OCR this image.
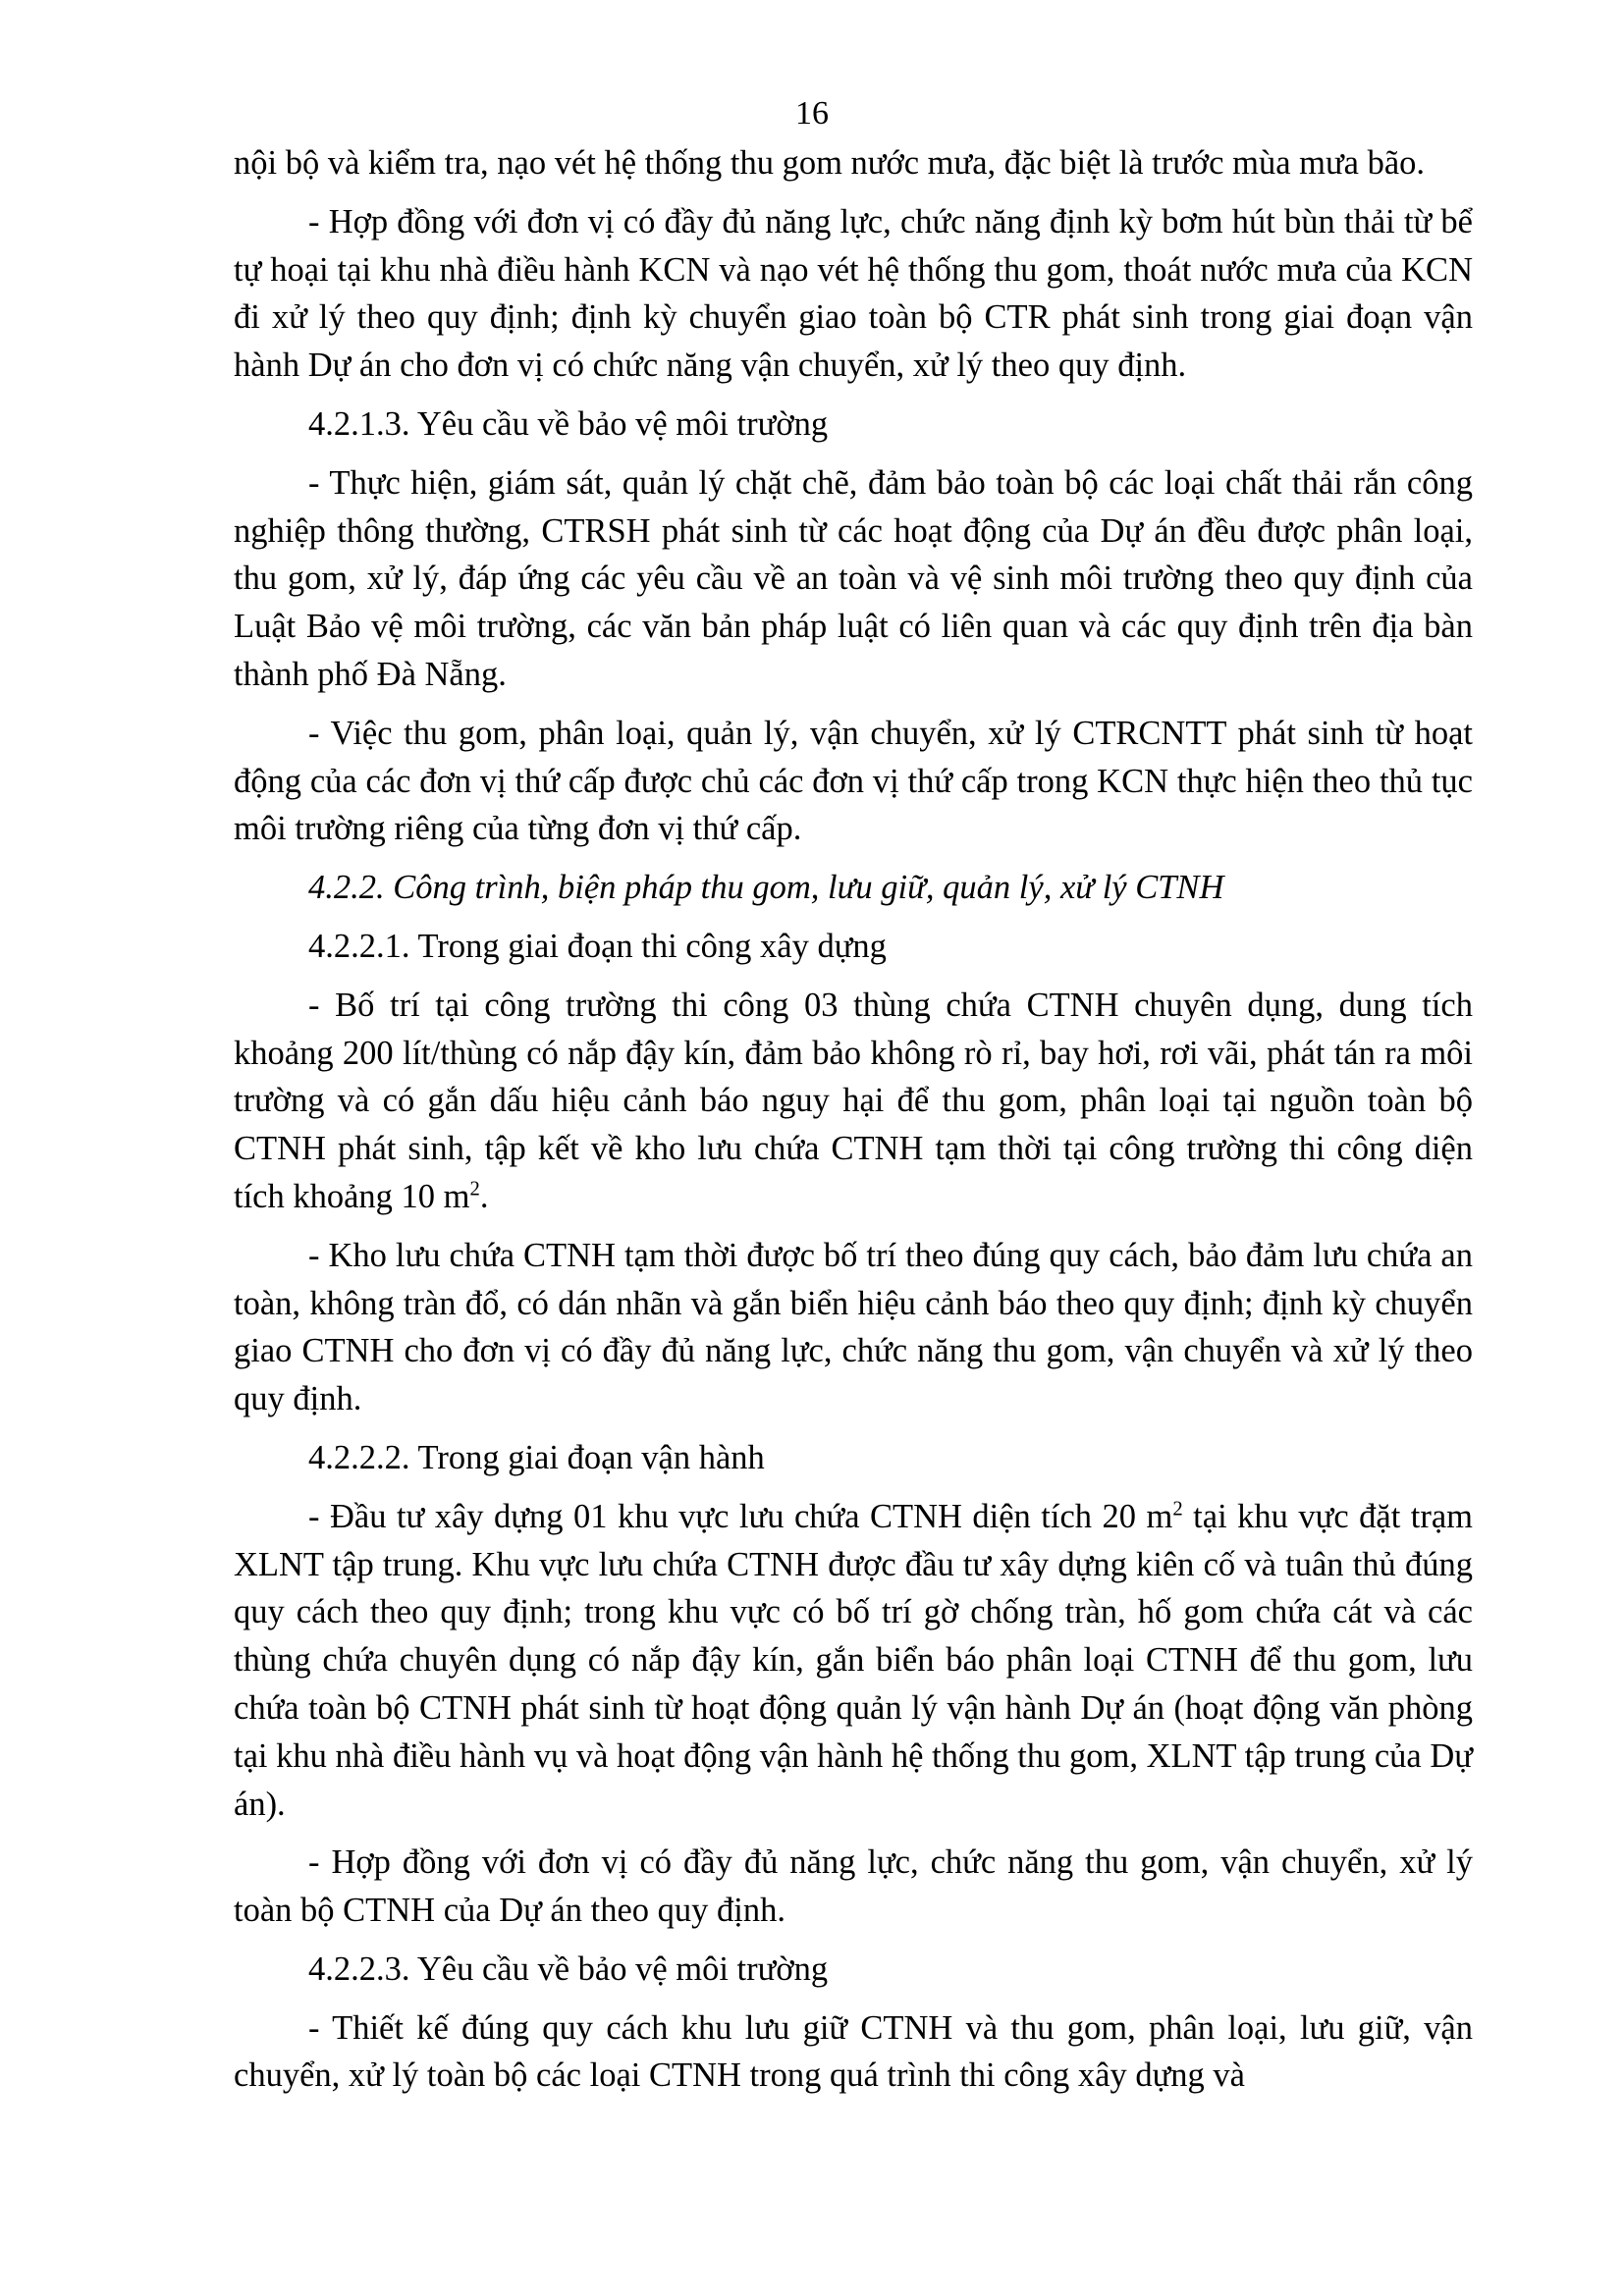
16

nội bộ và kiểm tra, nạo vét hệ thống thu gom nước mưa, đặc biệt là trước mùa mưa bão.

- Hợp đồng với đơn vị có đầy đủ năng lực, chức năng định kỳ bơm hút bùn thải từ bể tự hoại tại khu nhà điều hành KCN và nạo vét hệ thống thu gom, thoát nước mưa của KCN đi xử lý theo quy định; định kỳ chuyển giao toàn bộ CTR phát sinh trong giai đoạn vận hành Dự án cho đơn vị có chức năng vận chuyển, xử lý theo quy định.

4.2.1.3. Yêu cầu về bảo vệ môi trường

- Thực hiện, giám sát, quản lý chặt chẽ, đảm bảo toàn bộ các loại chất thải rắn công nghiệp thông thường, CTRSH phát sinh từ các hoạt động của Dự án đều được phân loại, thu gom, xử lý, đáp ứng các yêu cầu về an toàn và vệ sinh môi trường theo quy định của Luật Bảo vệ môi trường, các văn bản pháp luật có liên quan và các quy định trên địa bàn thành phố Đà Nẵng.

- Việc thu gom, phân loại, quản lý, vận chuyển, xử lý CTRCNTT phát sinh từ hoạt động của các đơn vị thứ cấp được chủ các đơn vị thứ cấp trong KCN thực hiện theo thủ tục môi trường riêng của từng đơn vị thứ cấp.

4.2.2. Công trình, biện pháp thu gom, lưu giữ, quản lý, xử lý CTNH

4.2.2.1. Trong giai đoạn thi công xây dựng

- Bố trí tại công trường thi công 03 thùng chứa CTNH chuyên dụng, dung tích khoảng 200 lít/thùng có nắp đậy kín, đảm bảo không rò rỉ, bay hơi, rơi vãi, phát tán ra môi trường và có gắn dấu hiệu cảnh báo nguy hại để thu gom, phân loại tại nguồn toàn bộ CTNH phát sinh, tập kết về kho lưu chứa CTNH tạm thời tại công trường thi công diện tích khoảng 10 $m^2$.

- Kho lưu chứa CTNH tạm thời được bố trí theo đúng quy cách, bảo đảm lưu chứa an toàn, không tràn đổ, có dán nhãn và gắn biển hiệu cảnh báo theo quy định; định kỳ chuyển giao CTNH cho đơn vị có đầy đủ năng lực, chức năng thu gom, vận chuyển và xử lý theo quy định.

4.2.2.2. Trong giai đoạn vận hành

- Đầu tư xây dựng 01 khu vực lưu chứa CTNH diện tích 20 $m^2$ tại khu vực đặt trạm XLNT tập trung. Khu vực lưu chứa CTNH được đầu tư xây dựng kiên cố và tuân thủ đúng quy cách theo quy định; trong khu vực có bố trí gờ chống tràn, hố gom chứa cát và các thùng chứa chuyên dụng có nắp đậy kín, gắn biển báo phân loại CTNH để thu gom, lưu chứa toàn bộ CTNH phát sinh từ hoạt động quản lý vận hành Dự án (hoạt động văn phòng tại khu nhà điều hành vụ và hoạt động vận hành hệ thống thu gom, XLNT tập trung của Dự án).

- Hợp đồng với đơn vị có đầy đủ năng lực, chức năng thu gom, vận chuyển, xử lý toàn bộ CTNH của Dự án theo quy định.

4.2.2.3. Yêu cầu về bảo vệ môi trường

- Thiết kế đúng quy cách khu lưu giữ CTNH và thu gom, phân loại, lưu giữ, vận chuyển, xử lý toàn bộ các loại CTNH trong quá trình thi công xây dựng và
